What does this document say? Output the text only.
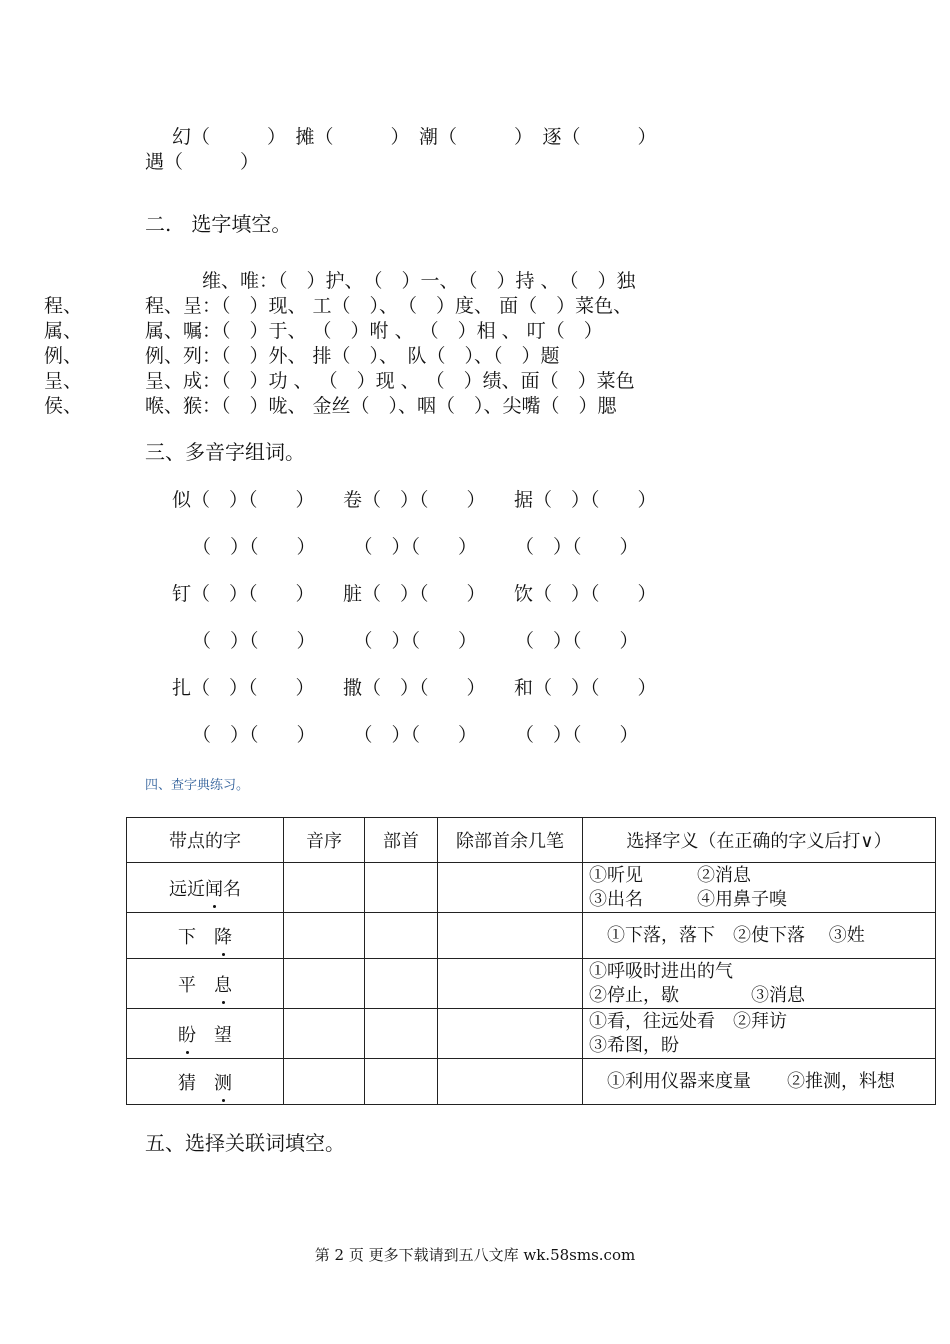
幻（　　　）　摊（　　　）　潮（　　　）　逐（　　　）
遇（　　　）
二.　选字填空。
维、唯：（　）护、　（　）一、　（　）持 、　（　）独
程、呈：（　）现、 工（　）、　（　）度、 面（　）菜色、
属、嘱：（　）于、 （　）咐 、 （　）相 、 叮（　）
例、列：（　）外、 排（　）、　队（　）、（　）题
呈、成：（　）功 、 （　）现 、 （　）绩、面（　）菜色
喉、猴：（　）咙、 金丝（　）、咽（　）、尖嘴（　）腮
程、
属、
例、
呈、
侯、
三、多音字组词。
似（　）（　　）　　卷（　）（　　）　　据（　）（　　）
（　）（　　）　　　（　）（　　）　　　（　）（　　）
钉（　）（　　）　　脏（　）（　　）　　饮（　）（　　）
（　）（　　）　　　（　）（　　）　　　（　）（　　）
扎（　）（　　）　　撒（　）（　　）　　和（　）（　　）
（　）（　　）　　　（　）（　　）　　　（　）（　　）
四、查字典练习。
带点的字	音序	部首	除部首余几笔	选择字义（在正确的字义后打∨）
远近闻名				①听见　　　②消息
③出名　　　④用鼻子嗅

下　降				　①下落，落下　②使下落　 ③姓

平　息				①呼吸时进出的气
②停止，歇　　　　③消息

盼　望				①看，往远处看　②拜访
③希图，盼

猜　测				　①利用仪器来度量　　②推测，料想
五、选择关联词填空。
第 2 页 更多下载请到五八文库 wk.58sms.com
